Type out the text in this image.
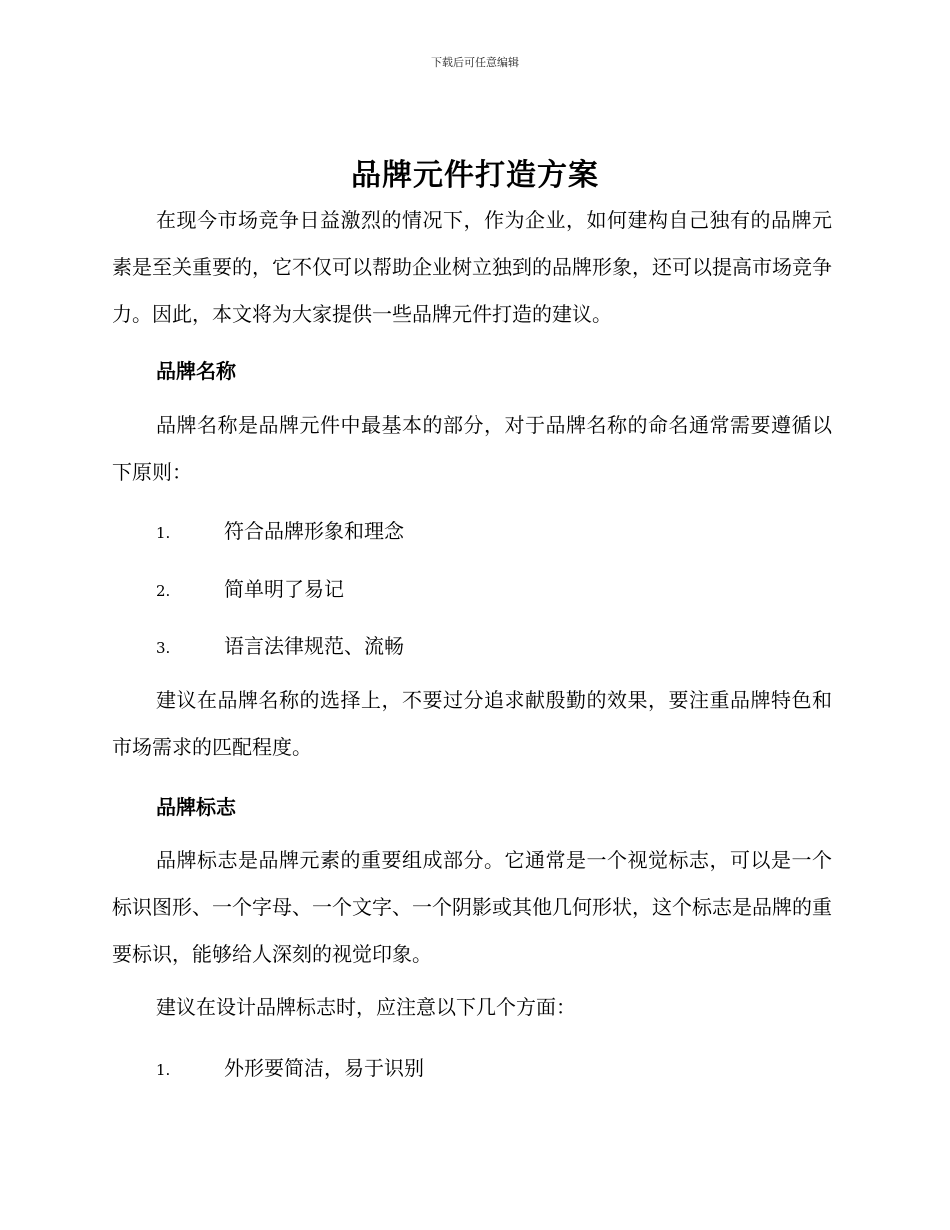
下载后可任意编辑
品牌元件打造方案
在现今市场竞争日益激烈的情况下，作为企业，如何建构自己独有的品牌元素是至关重要的，它不仅可以帮助企业树立独到的品牌形象，还可以提高市场竞争力。因此，本文将为大家提供一些品牌元件打造的建议。
品牌名称
品牌名称是品牌元件中最基本的部分，对于品牌名称的命名通常需要遵循以下原则：
1.	符合品牌形象和理念
2.	简单明了易记
3.	语言法律规范、流畅
建议在品牌名称的选择上，不要过分追求献殷勤的效果，要注重品牌特色和市场需求的匹配程度。
品牌标志
品牌标志是品牌元素的重要组成部分。它通常是一个视觉标志，可以是一个标识图形、一个字母、一个文字、一个阴影或其他几何形状，这个标志是品牌的重要标识，能够给人深刻的视觉印象。
建议在设计品牌标志时，应注意以下几个方面：
1.	外形要简洁，易于识别
